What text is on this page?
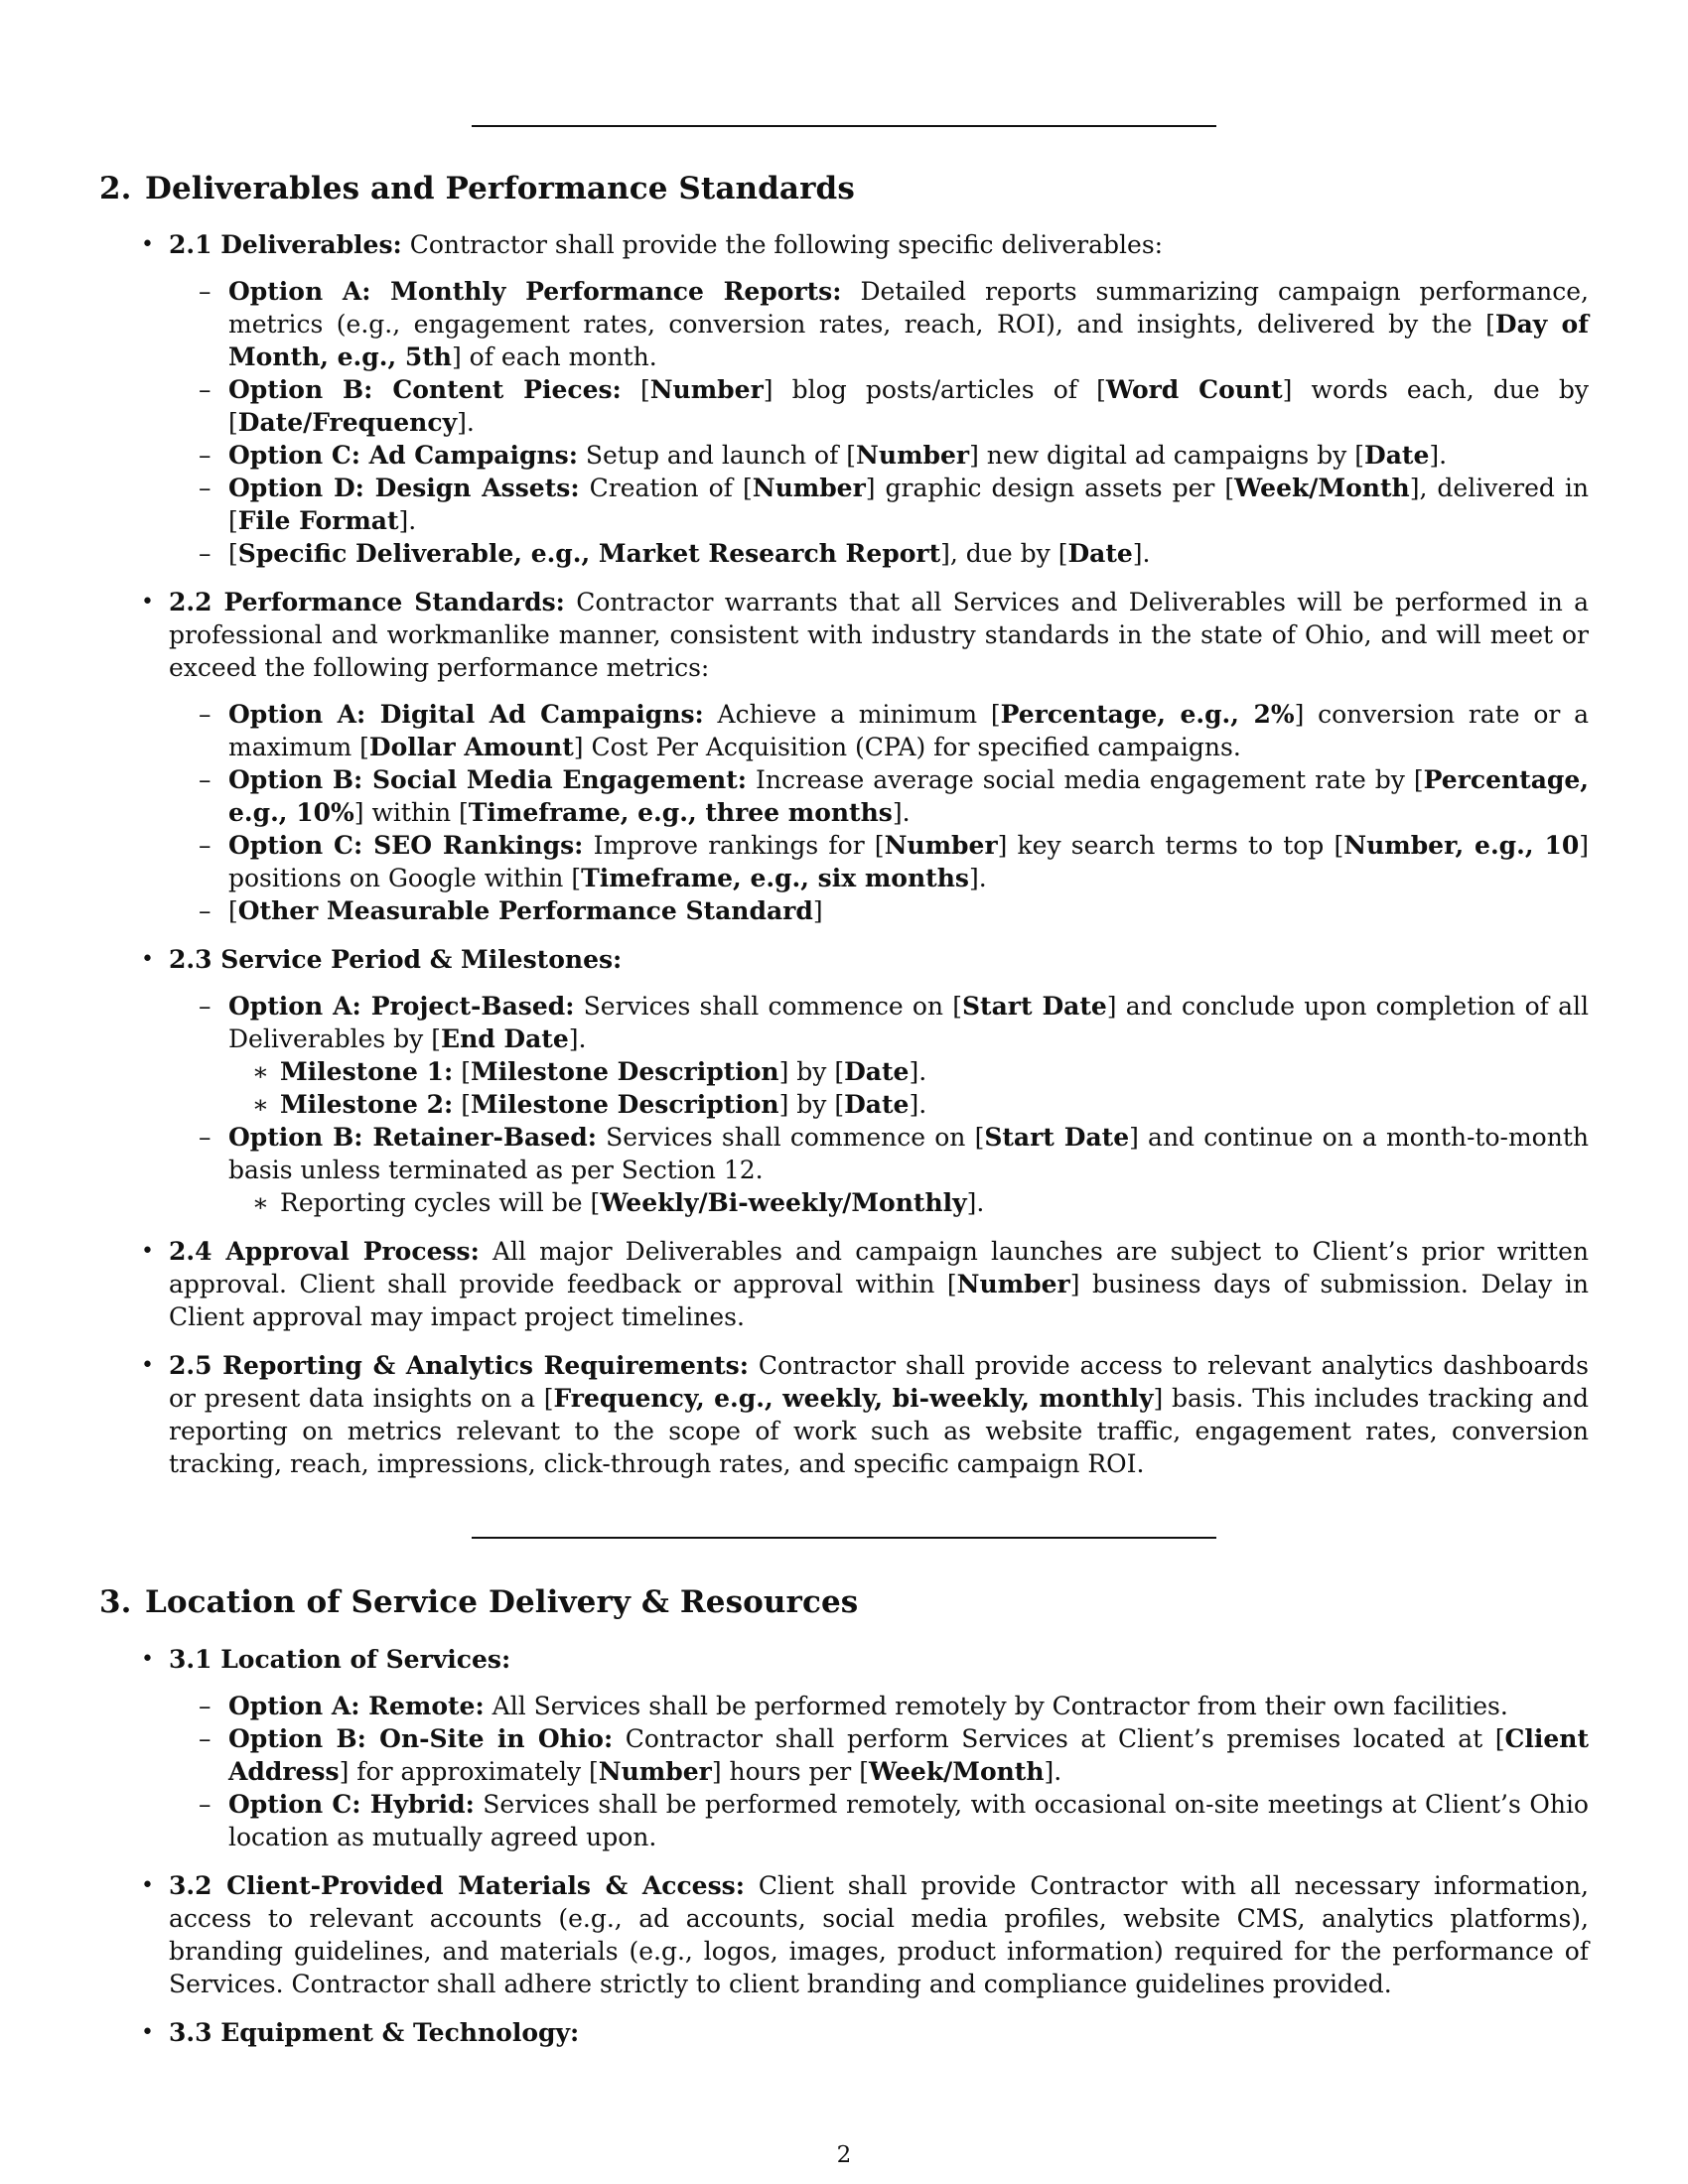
2. Deliverables and Performance Standards
• 2.1 Deliverables: Contractor shall provide the following specific deliverables:
– Option A: Monthly Performance Reports: Detailed reports summarizing campaign performance, metrics (e.g., engagement rates, conversion rates, reach, ROI), and insights, delivered by the [Day of Month, e.g., 5th] of each month.
– Option B: Content Pieces: [Number] blog posts/articles of [Word Count] words each, due by [Date/Frequency].
– Option C: Ad Campaigns: Setup and launch of [Number] new digital ad campaigns by [Date].
– Option D: Design Assets: Creation of [Number] graphic design assets per [Week/Month], delivered in [File Format].
– [Specific Deliverable, e.g., Market Research Report], due by [Date].
• 2.2 Performance Standards: Contractor warrants that all Services and Deliverables will be performed in a professional and workmanlike manner, consistent with industry standards in the state of Ohio, and will meet or exceed the following performance metrics:
– Option A: Digital Ad Campaigns: Achieve a minimum [Percentage, e.g., 2%] conversion rate or a maximum [Dollar Amount] Cost Per Acquisition (CPA) for specified campaigns.
– Option B: Social Media Engagement: Increase average social media engagement rate by [Percentage, e.g., 10%] within [Timeframe, e.g., three months].
– Option C: SEO Rankings: Improve rankings for [Number] key search terms to top [Number, e.g., 10] positions on Google within [Timeframe, e.g., six months].
– [Other Measurable Performance Standard]
• 2.3 Service Period & Milestones:
– Option A: Project-Based: Services shall commence on [Start Date] and conclude upon completion of all Deliverables by [End Date].
∗ Milestone 1: [Milestone Description] by [Date].
∗ Milestone 2: [Milestone Description] by [Date].
– Option B: Retainer-Based: Services shall commence on [Start Date] and continue on a month-to-month basis unless terminated as per Section 12.
∗ Reporting cycles will be [Weekly/Bi-weekly/Monthly].
• 2.4 Approval Process: All major Deliverables and campaign launches are subject to Client’s prior written approval. Client shall provide feedback or approval within [Number] business days of submission. Delay in Client approval may impact project timelines.
• 2.5 Reporting & Analytics Requirements: Contractor shall provide access to relevant analytics dashboards or present data insights on a [Frequency, e.g., weekly, bi-weekly, monthly] basis. This includes tracking and reporting on metrics relevant to the scope of work such as website traffic, engagement rates, conversion tracking, reach, impressions, click-through rates, and specific campaign ROI.
3. Location of Service Delivery & Resources
• 3.1 Location of Services:
– Option A: Remote: All Services shall be performed remotely by Contractor from their own facilities.
– Option B: On-Site in Ohio: Contractor shall perform Services at Client’s premises located at [Client Address] for approximately [Number] hours per [Week/Month].
– Option C: Hybrid: Services shall be performed remotely, with occasional on-site meetings at Client’s Ohio location as mutually agreed upon.
• 3.2 Client-Provided Materials & Access: Client shall provide Contractor with all necessary information, access to relevant accounts (e.g., ad accounts, social media profiles, website CMS, analytics platforms), branding guidelines, and materials (e.g., logos, images, product information) required for the performance of Services. Contractor shall adhere strictly to client branding and compliance guidelines provided.
• 3.3 Equipment & Technology:
2
